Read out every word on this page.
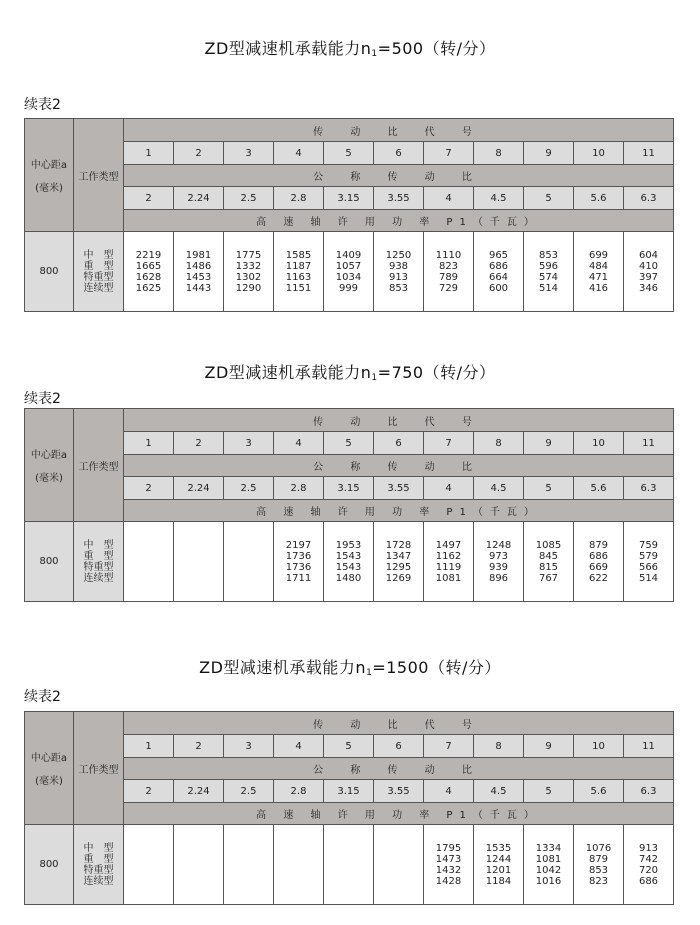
ZD型减速机承载能力$n_1=500$（转/分）
续表2
中心距a
(毫米)	工作类型	传 动 比 代 号										
		1	2	3	4	5	6	7	8	9	10	11
		公 称 传 动 比										
		2	2.24	2.5	2.8	3.15	3.55	4	4.5	5	5.6	6.3
		高 速 轴 许 用 功 率 P1（千瓦）										
800	中　型
重　型
特重型
连续型	2219
1665
1628
1625	1981
1486
1453
1443	1775
1332
1302
1290	1585
1187
1163
1151	1409
1057
1034
999	1250
938
913
853	1110
823
789
729	965
686
664
600	853
596
574
514	699
484
471
416	604
410
397
346
ZD型减速机承载能力$n_1=750$（转/分）
续表2
中心距a
(毫米)	工作类型	传 动 比 代 号										
		1	2	3	4	5	6	7	8	9	10	11
		公 称 传 动 比										
		2	2.24	2.5	2.8	3.15	3.55	4	4.5	5	5.6	6.3
		高 速 轴 许 用 功 率 P1（千瓦）										
800	中　型
重　型
特重型
连续型				2197
1736
1736
1711	1953
1543
1543
1480	1728
1347
1295
1269	1497
1162
1119
1081	1248
973
939
896	1085
845
815
767	879
686
669
622	759
579
566
514
ZD型减速机承载能力$n_1=1500$（转/分）
续表2
中心距a
(毫米)	工作类型	传 动 比 代 号										
		1	2	3	4	5	6	7	8	9	10	11
		公 称 传 动 比										
		2	2.24	2.5	2.8	3.15	3.55	4	4.5	5	5.6	6.3
		高 速 轴 许 用 功 率 P1（千瓦）										
800	中　型
重　型
特重型
连续型							1795
1473
1432
1428	1535
1244
1201
1184	1334
1081
1042
1016	1076
879
853
823	913
742
720
686
